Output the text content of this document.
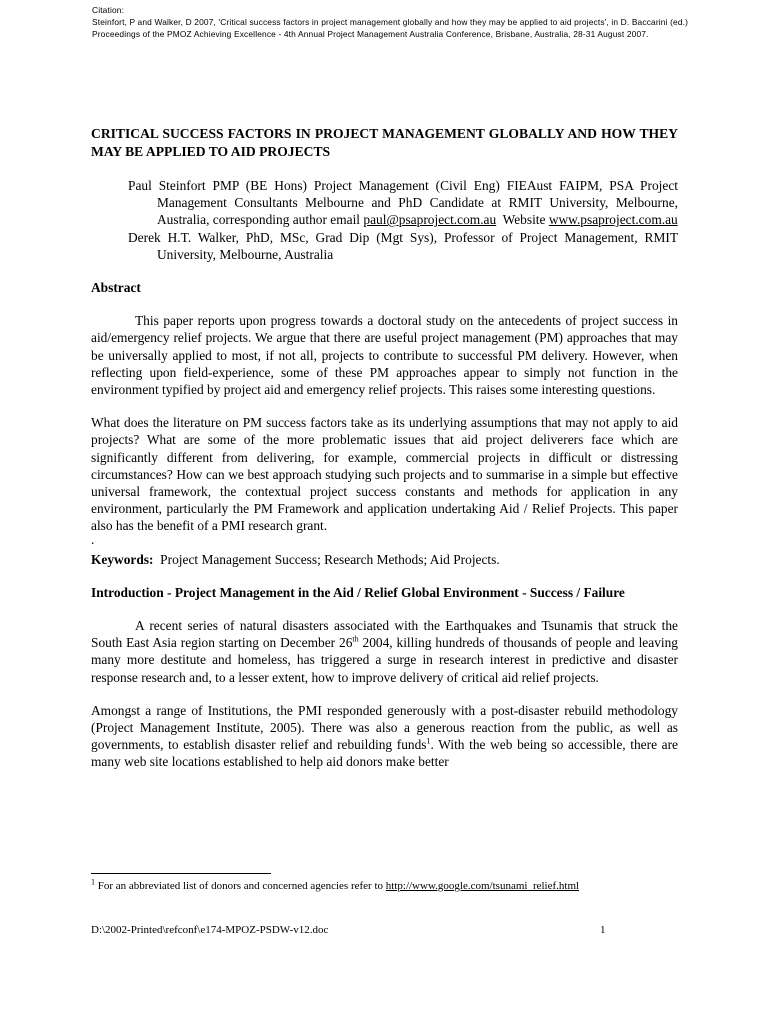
Citation:
Steinfort, P and Walker, D 2007, 'Critical success factors in project management globally and how they may be applied to aid projects', in D. Baccarini (ed.) Proceedings of the PMOZ Achieving Excellence - 4th Annual Project Management Australia Conference, Brisbane, Australia, 28-31 August 2007.
CRITICAL SUCCESS FACTORS IN PROJECT MANAGEMENT GLOBALLY AND HOW THEY MAY BE APPLIED TO AID PROJECTS
Paul Steinfort PMP (BE Hons) Project Management (Civil Eng) FIEAust FAIPM, PSA Project Management Consultants Melbourne and PhD Candidate at RMIT University, Melbourne, Australia, corresponding author email paul@psaproject.com.au  Website www.psaproject.com.au
Derek H.T. Walker, PhD, MSc, Grad Dip (Mgt Sys), Professor of Project Management, RMIT University, Melbourne, Australia
Abstract

This paper reports upon progress towards a doctoral study on the antecedents of project success in aid/emergency relief projects. We argue that there are useful project management (PM) approaches that may be universally applied to most, if not all, projects to contribute to successful PM delivery. However, when reflecting upon field-experience, some of these PM approaches appear to simply not function in the environment typified by project aid and emergency relief projects. This raises some interesting questions.

What does the literature on PM success factors take as its underlying assumptions that may not apply to aid projects? What are some of the more problematic issues that aid project deliverers face which are significantly different from delivering, for example, commercial projects in difficult or distressing circumstances? How can we best approach studying such projects and to summarise in a simple but effective universal framework, the contextual project success constants and methods for application in any environment, particularly the PM Framework and application undertaking Aid / Relief Projects. This paper also has the benefit of a PMI research grant.

.

Keywords:  Project Management Success; Research Methods; Aid Projects.

Introduction - Project Management in the Aid / Relief Global Environment - Success / Failure

A recent series of natural disasters associated with the Earthquakes and Tsunamis that struck the South East Asia region starting on December 26th 2004, killing hundreds of thousands of people and leaving many more destitute and homeless, has triggered a surge in research interest in predictive and disaster response research and, to a lesser extent, how to improve delivery of critical aid relief projects.

Amongst a range of Institutions, the PMI responded generously with a post-disaster rebuild methodology (Project Management Institute, 2005). There was also a generous reaction from the public, as well as governments, to establish disaster relief and rebuilding funds$^1$. With the web being so accessible, there are many web site locations established to help aid donors make better

$^1$ For an abbreviated list of donors and concerned agencies refer to http://www.google.com/tsunami_relief.html
D:\2002-Printed\refconf\e174-MPOZ-PSDW-v12.doc	1
